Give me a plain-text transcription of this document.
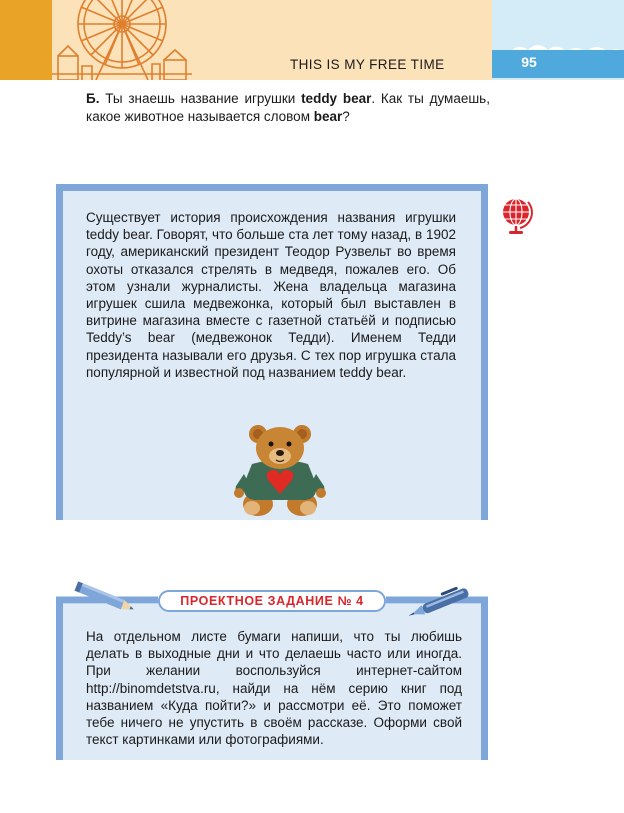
THIS IS MY FREE TIME	95
Б. Ты знаешь название игрушки teddy bear. Как ты думаешь, какое животное называется словом bear?
Существует история происхождения названия игрушки teddy bear. Говорят, что больше ста лет тому назад, в 1902 году, американский президент Теодор Рузвельт во время охоты отказался стрелять в медведя, пожалев его. Об этом узнали журналисты. Жена владельца магазина игрушек сшила медвежонка, который был выставлен в витрине магазина вместе с газетной статьёй и подписью Teddy’s bear (медвежонок Тедди). Именем Тедди президента называли его друзья. С тех пор игрушка стала популярной и известной под названием teddy bear.
ПРОЕКТНОЕ ЗАДАНИЕ № 4
На отдельном листе бумаги напиши, что ты любишь делать в выходные дни и что делаешь часто или иногда. При желании воспользуйся интернет-сайтом http://binomdetstva.ru, найди на нём серию книг под названием «Куда пойти?» и рассмотри её. Это поможет тебе ничего не упустить в своём рассказе. Оформи свой текст картинками или фотографиями.
